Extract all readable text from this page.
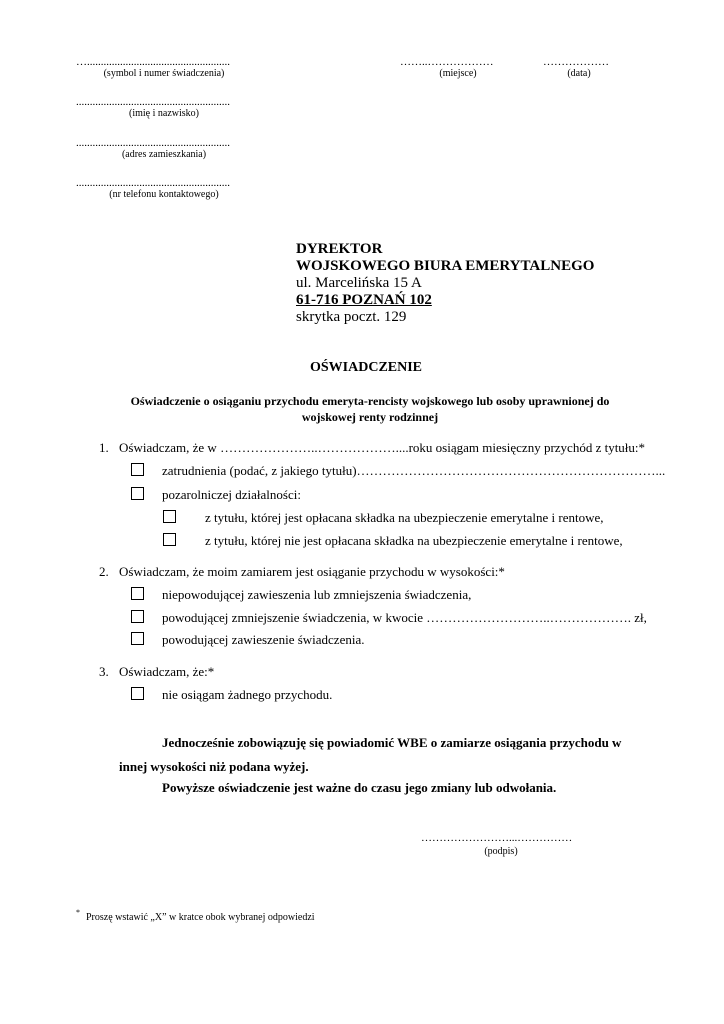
…....................................................
(symbol i numer świadczenia)
……..………………
(miejsce)
………………
(data)
........................................................
(imię i nazwisko)
........................................................
(adres zamieszkania)
........................................................
(nr telefonu kontaktowego)
DYREKTOR
WOJSKOWEGO BIURA EMERYTALNEGO
ul. Marcelińska 15 A
61-716 POZNAŃ 102
skrytka poczt. 129
OŚWIADCZENIE
Oświadczenie o osiąganiu przychodu emeryta-rencisty wojskowego lub osoby uprawnionej do
wojskowej renty rodzinnej
1. Oświadczam, że w …………………..………………....roku osiągam miesięczny przychód z tytułu:*
zatrudnienia (podać, z jakiego tytułu)……………………………………………………………...
pozarolniczej działalności:
z tytułu, której jest opłacana składka na ubezpieczenie emerytalne i rentowe,
z tytułu, której nie jest opłacana składka na ubezpieczenie emerytalne i rentowe,
2. Oświadczam, że moim zamiarem jest osiąganie przychodu w wysokości:*
niepowodującej zawieszenia lub zmniejszenia świadczenia,
powodującej zmniejszenie świadczenia, w kwocie ………………………..………………. zł,
powodującej zawieszenie świadczenia.
3. Oświadczam, że:*
nie osiągam żadnego przychodu.
Jednocześnie zobowiązuję się powiadomić WBE o zamiarze osiągania przychodu w
innej wysokości niż podana wyżej.
Powyższe oświadczenie jest ważne do czasu jego zmiany lub odwołania.
……………………...……………
(podpis)
* Proszę wstawić „X” w kratce obok wybranej odpowiedzi
